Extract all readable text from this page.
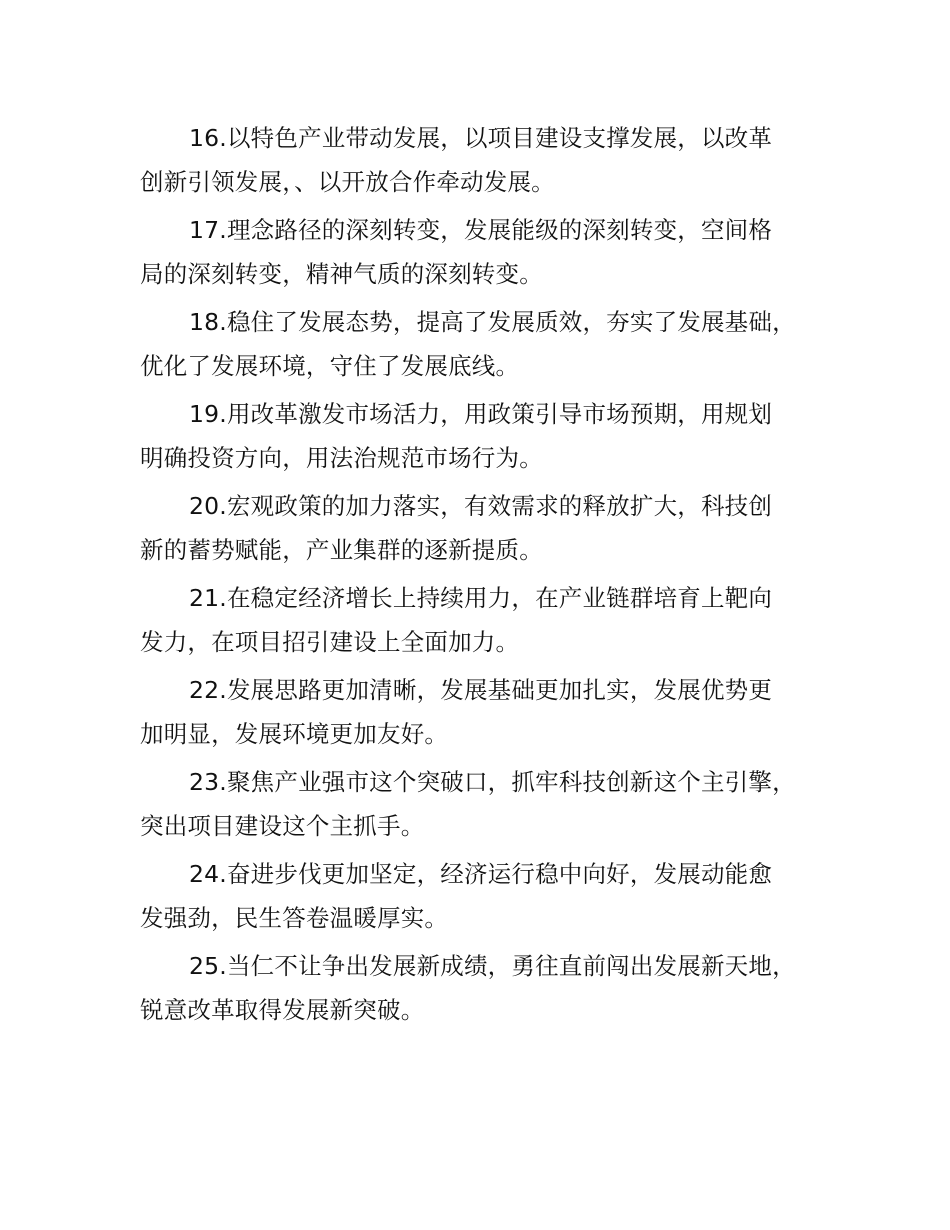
16.以特色产业带动发展，以项目建设支撑发展，以改革
创新引领发展，、以开放合作牵动发展。

17.理念路径的深刻转变，发展能级的深刻转变，空间格
局的深刻转变，精神气质的深刻转变。

18.稳住了发展态势，提高了发展质效，夯实了发展基础，
优化了发展环境，守住了发展底线。

19.用改革激发市场活力，用政策引导市场预期，用规划
明确投资方向，用法治规范市场行为。

20.宏观政策的加力落实，有效需求的释放扩大，科技创
新的蓄势赋能，产业集群的逐新提质。

21.在稳定经济增长上持续用力，在产业链群培育上靶向
发力，在项目招引建设上全面加力。

22.发展思路更加清晰，发展基础更加扎实，发展优势更
加明显，发展环境更加友好。

23.聚焦产业强市这个突破口，抓牢科技创新这个主引擎，
突出项目建设这个主抓手。

24.奋进步伐更加坚定，经济运行稳中向好，发展动能愈
发强劲，民生答卷温暖厚实。

25.当仁不让争出发展新成绩，勇往直前闯出发展新天地，
锐意改革取得发展新突破。
